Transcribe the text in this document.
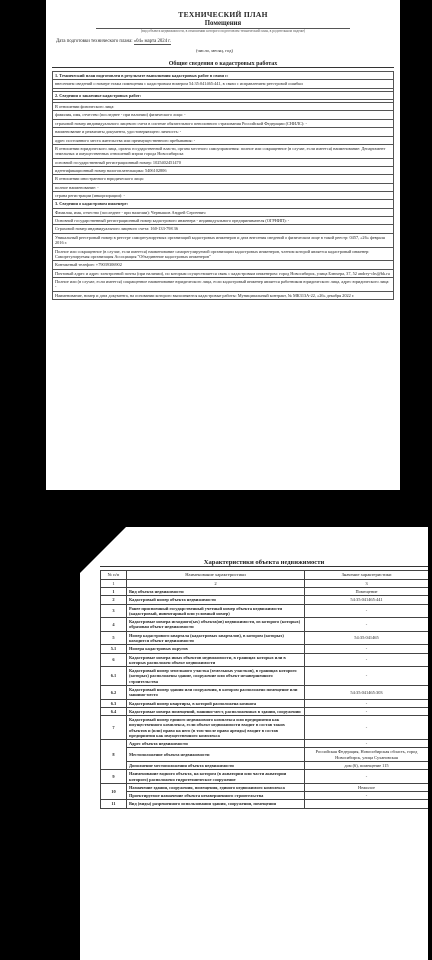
ТЕХНИЧЕСКИЙ ПЛАН
Помещения
(вид объекта недвижимости, в отношении которого подготовлен технический план, в родительном падеже)
Дата подготовки технического плана: «04» марта 2024 г.
(число, месяц, год)
Общие сведения о кадастровых работах
1. Технический план подготовлен в результате выполнения кадастровых работ в связи с:
внесением сведений о номере этажа помещения с кадастровым номером 54:35:041465:441, в связи с исправлением реестровой ошибки

2. Сведения о заказчике кадастровых работ:

В отношении физического лица:
фамилия, имя, отчество (последнее - при наличии) физического лица: -
страховой номер индивидуального лицевого счета в системе обязательного пенсионного страхования Российской Федерации (СНИЛС): -
наименование и реквизиты документа, удостоверяющего личность: -
адрес постоянного места жительства или преимущественного пребывания: -
В отношении юридического лица, органа государственной власти, органа местного самоуправления: полное или сокращенное (в случае, если имеется) наименование: Департамент земельных и имущественных отношений мэрии города Новосибирска
основной государственный регистрационный номер: 1025402451470
идентификационный номер налогоплательщика: 5406102806
В отношении иностранного юридического лица:
полное наименование: -
страна регистрации (инкорпорации): -
3. Сведения о кадастровом инженере:
Фамилия, имя, отчество (последнее - при наличии): Чернышов Андрей Сергеевич
Основной государственный регистрационный номер кадастрового инженера - индивидуального предпринимателя (ОГРНИП): -
Страховой номер индивидуального лицевого счета: 160-133-798 36
Уникальный реестровый номер в реестре саморегулируемых организаций кадастровых инженеров и дата внесения сведений о физическом лице в такой реестр: 0457, «26» февраля 2016 г.
Полное или сокращенное (в случае, если имеется) наименование саморегулируемой организации кадастровых инженеров, членом которой является кадастровый инженер: Саморегулируемая организация Ассоциация "Объединение кадастровых инженеров"
Контактный телефон: +79039306902
Почтовый адрес и адрес электронной почты (при наличии), по которым осуществляется связь с кадастровым инженером: город Новосибирск, улица Блюхера, 37, 52 andrey-chs@bk.ru
Полное или (в случае, если имеется) сокращенное наименование юридического лица, если кадастровый инженер является работником юридического лица, адрес юридического лица: -
Наименование, номер и дата документа, на основании которого выполняются кадастровые работы: Муниципальный контракт, № МК313А-22, «26» декабря 2022 г.
Характеристики объекта недвижимости
№ п/п	Наименование характеристики	Значение характеристики
1	2	3
1	Вид объекта недвижимости	Помещение
2	Кадастровый номер объекта недвижимости	54:35:041465:441
3	Ранее присвоенный государственный учетный номер объекта недвижимости (кадастровый, инвентарный или условный номер)	-
4	Кадастровые номера исходного(ых) объекта(ов) недвижимости, из которого (которых) образован объект недвижимости	-
5	Номер кадастрового квартала (кадастровых кварталов), в котором (которых) находится объект недвижимости	54:35:041465
5.1	Номера кадастровых округов	-
6	Кадастровые номера иных объектов недвижимости, в границах которых или в которых расположен объект недвижимости	-
6.1	Кадастровый номер земельного участка (земельных участков), в границах которого (которых) расположены здание, сооружение или объект незавершенного строительства	-
6.2	Кадастровый номер здания или сооружения, в котором расположено помещение или машино-место	54:35:041465:303
6.3	Кадастровый номер квартиры, в которой расположена комната	-
6.4	Кадастровые номера помещений, машино-мест, расположенных в здании, сооружении	-
7	Кадастровый номер единого недвижимого комплекса или предприятия как имущественного комплекса, если объект недвижимости входит в состав таких объектов и (или) право на него (в том числе право аренды) входит в состав предприятия как имущественного комплекса	-
8	Адрес объекта недвижимости	-
	Местоположение объекта недвижимости	Российская Федерация, Новосибирская область, город Новосибирск, улица Сухановская
	Дополнение местоположения объекта недвижимости	дом (6), помещение 115
9	Наименование водного объекта, на котором (в акватории или части акватории которого) расположено гидротехническое сооружение	-
10	Назначение здания, сооружения, помещения, единого недвижимого комплекса	Нежилое
	Проектируемое назначение объекта незавершенного строительства	-
11	Вид (виды) разрешенного использования здания, сооружения, помещения	
